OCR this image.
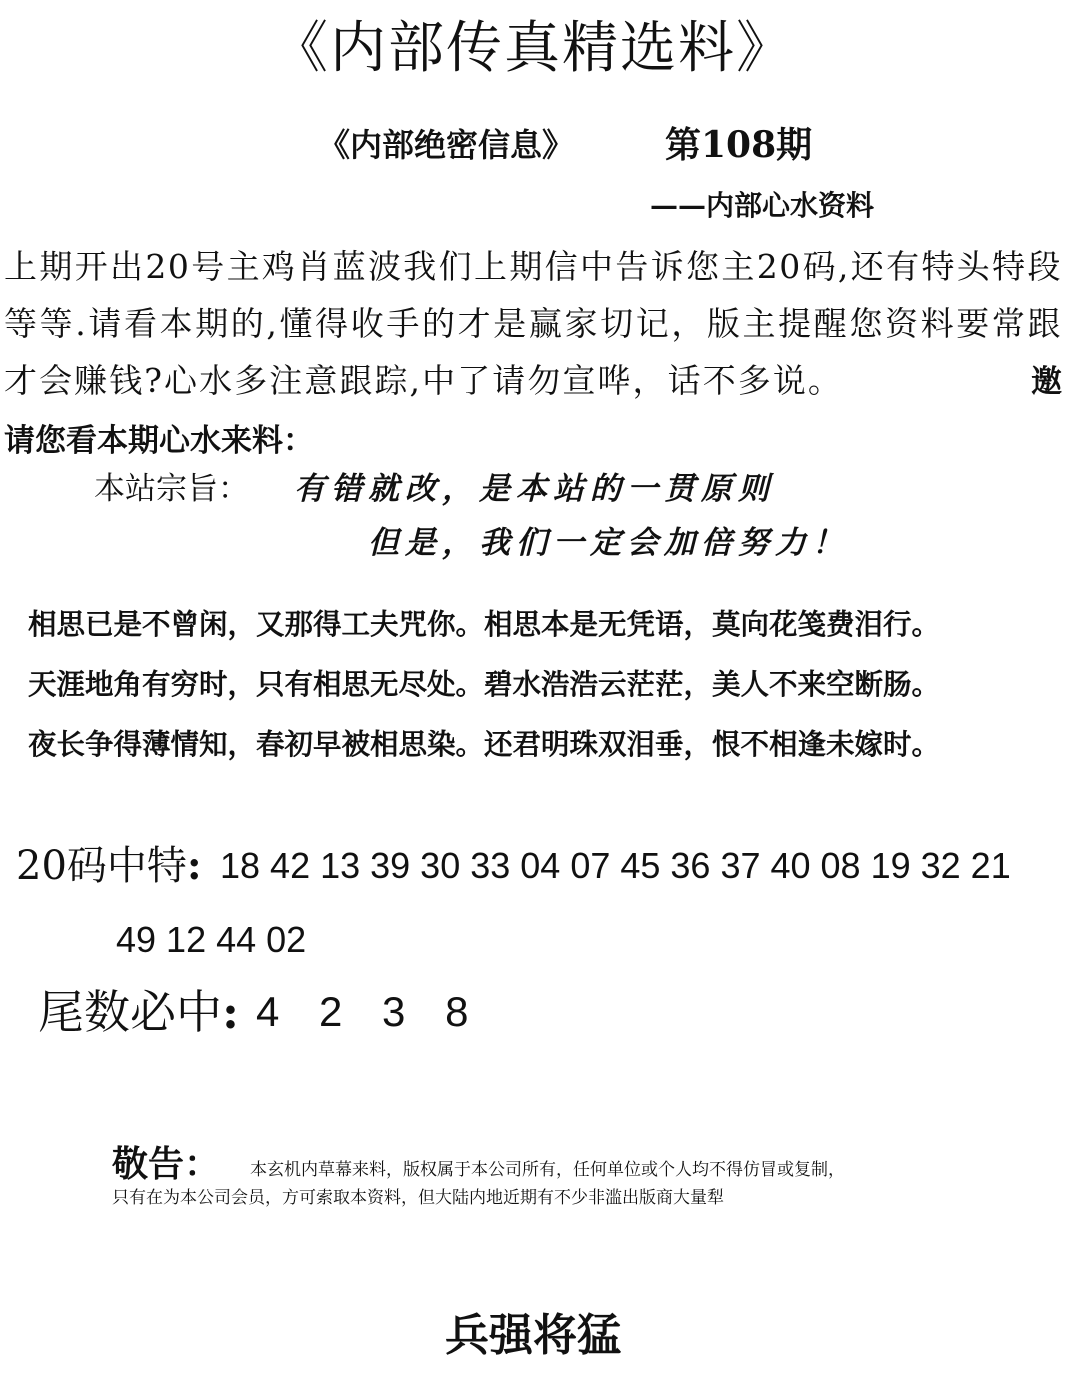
《内部传真精选料》
《内部绝密信息》	第108期
——内部心水资料
上期开出20号主鸡肖蓝波我们上期信中告诉您主20码,还有特头特段等等.请看本期的,懂得收手的才是赢家切记，版主提醒您资料要常跟才会赚钱?心水多注意跟踪,中了请勿宣哗，话不多说。	邀请您看本期心水来料：
本站宗旨： 有错就改，是本站的一贯原则
但是，我们一定会加倍努力！
相思已是不曾闲，又那得工夫咒你。相思本是无凭语，莫向花笺费泪行。
天涯地角有穷时，只有相思无尽处。碧水浩浩云茫茫，美人不来空断肠。
夜长争得薄情知，春初早被相思染。还君明珠双泪垂，恨不相逢未嫁时。
20码中特: 18 42 13 39 30 33 04 07 45 36 37 40 08 19 32 21
49 12 44 02
尾数必中: 4 2 3 8
敬告： 本玄机内草幕来料，版权属于本公司所有，任何单位或个人均不得仿冒或复制，
只有在为本公司会员，方可索取本资料，但大陆内地近期有不少非滥出版商大量犁
兵强将猛
